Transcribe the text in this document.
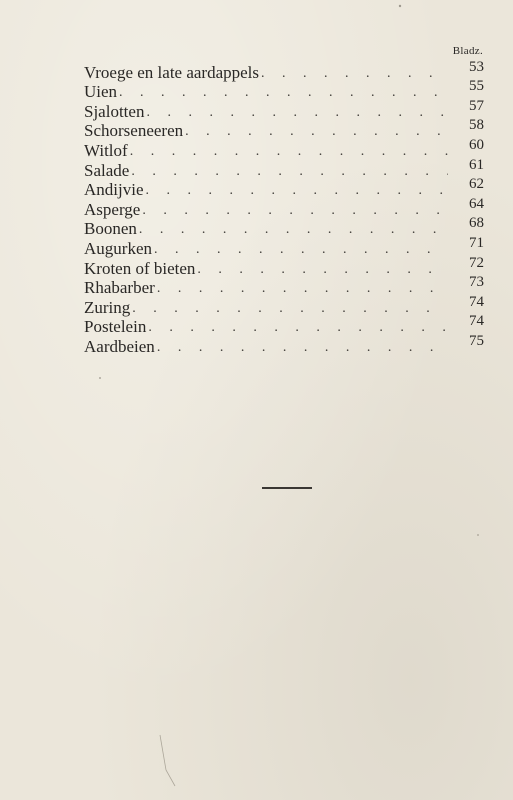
Bladz.
Vroege en late aardappels . . .	53
Uien . . .	55
Sjalotten . . .	57
Schorseneeren . . .	58
Witlof . . .	60
Salade . . .	61
Andijvie . . .	62
Asperge . . .	64
Boonen . . .	68
Augurken . . .	71
Kroten of bieten . . .	72
Rhabarber . . .	73
Zuring . . .	74
Postelein . . .	74
Aardbeien . . .	75
